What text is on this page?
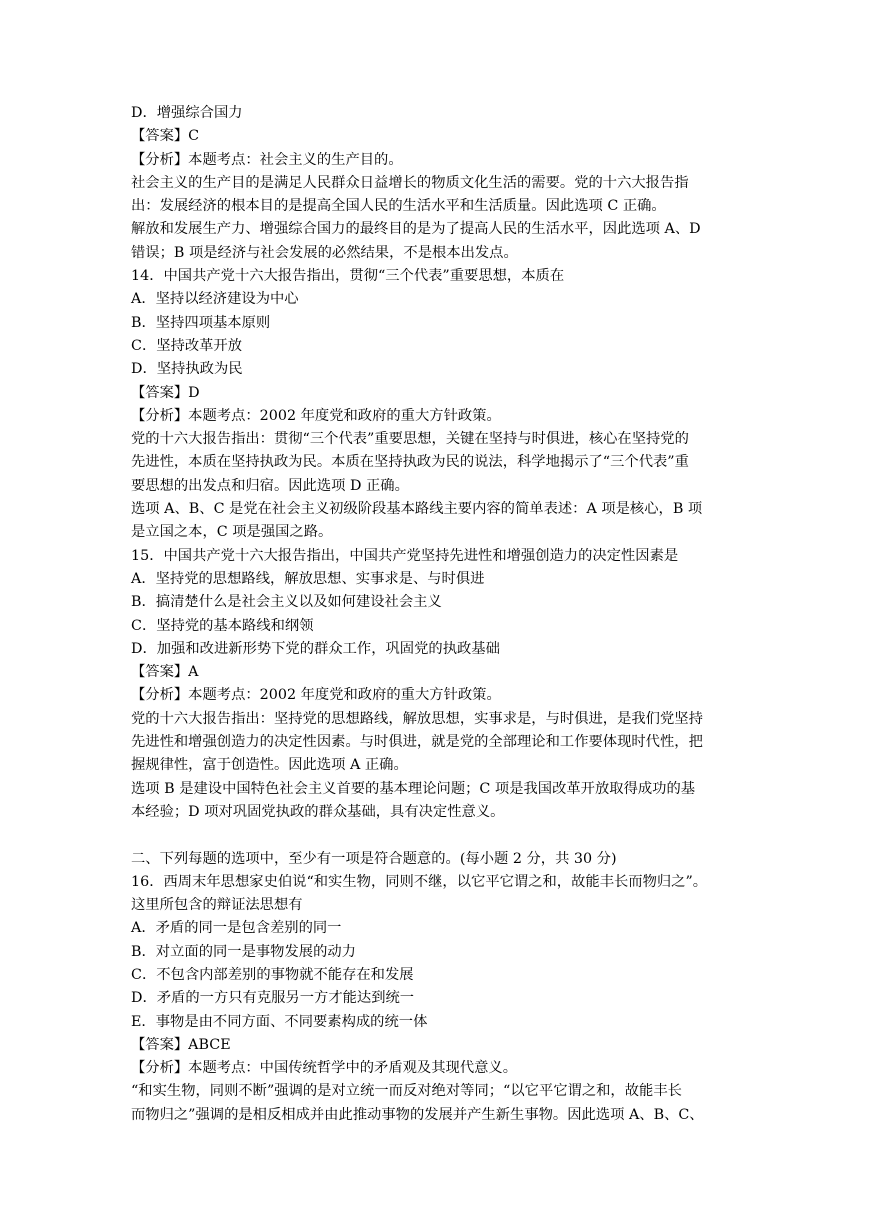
D．增强综合国力
【答案】C
【分析】本题考点：社会主义的生产目的。
社会主义的生产目的是满足人民群众日益增长的物质文化生活的需要。党的十六大报告指
出：发展经济的根本目的是提高全国人民的生活水平和生活质量。因此选项 C 正确。
解放和发展生产力、增强综合国力的最终目的是为了提高人民的生活水平，因此选项 A、D
错误；B 项是经济与社会发展的必然结果，不是根本出发点。
14．中国共产党十六大报告指出，贯彻“三个代表”重要思想，本质在
A．坚持以经济建设为中心
B．坚持四项基本原则
C．坚持改革开放
D．坚持执政为民
【答案】D
【分析】本题考点：2002 年度党和政府的重大方针政策。
党的十六大报告指出：贯彻“三个代表”重要思想，关键在坚持与时俱进，核心在坚持党的
先进性，本质在坚持执政为民。本质在坚持执政为民的说法，科学地揭示了“三个代表”重
要思想的出发点和归宿。因此选项 D 正确。
选项 A、B、C 是党在社会主义初级阶段基本路线主要内容的简单表述：A 项是核心，B 项
是立国之本，C 项是强国之路。
15．中国共产党十六大报告指出，中国共产党坚持先进性和增强创造力的决定性因素是
A．坚持党的思想路线，解放思想、实事求是、与时俱进
B．搞清楚什么是社会主义以及如何建设社会主义
C．坚持党的基本路线和纲领
D．加强和改进新形势下党的群众工作，巩固党的执政基础
【答案】A
【分析】本题考点：2002 年度党和政府的重大方针政策。
党的十六大报告指出：坚持党的思想路线，解放思想，实事求是，与时俱进，是我们党坚持
先进性和增强创造力的决定性因素。与时俱进，就是党的全部理论和工作要体现时代性，把
握规律性，富于创造性。因此选项 A 正确。
选项 B 是建设中国特色社会主义首要的基本理论问题；C 项是我国改革开放取得成功的基
本经验；D 项对巩固党执政的群众基础，具有决定性意义。
二、下列每题的选项中，至少有一项是符合题意的。(每小题 2 分，共 30 分)
16．西周末年思想家史伯说“和实生物，同则不继，以它平它谓之和，故能丰长而物归之”。
这里所包含的辩证法思想有
A．矛盾的同一是包含差别的同一
B．对立面的同一是事物发展的动力
C．不包含内部差别的事物就不能存在和发展
D．矛盾的一方只有克服另一方才能达到统一
E．事物是由不同方面、不同要素构成的统一体
【答案】ABCE
【分析】本题考点：中国传统哲学中的矛盾观及其现代意义。
“和实生物，同则不断”强调的是对立统一而反对绝对等同；“以它平它谓之和，故能丰长
而物归之”强调的是相反相成并由此推动事物的发展并产生新生事物。因此选项 A、B、C、
